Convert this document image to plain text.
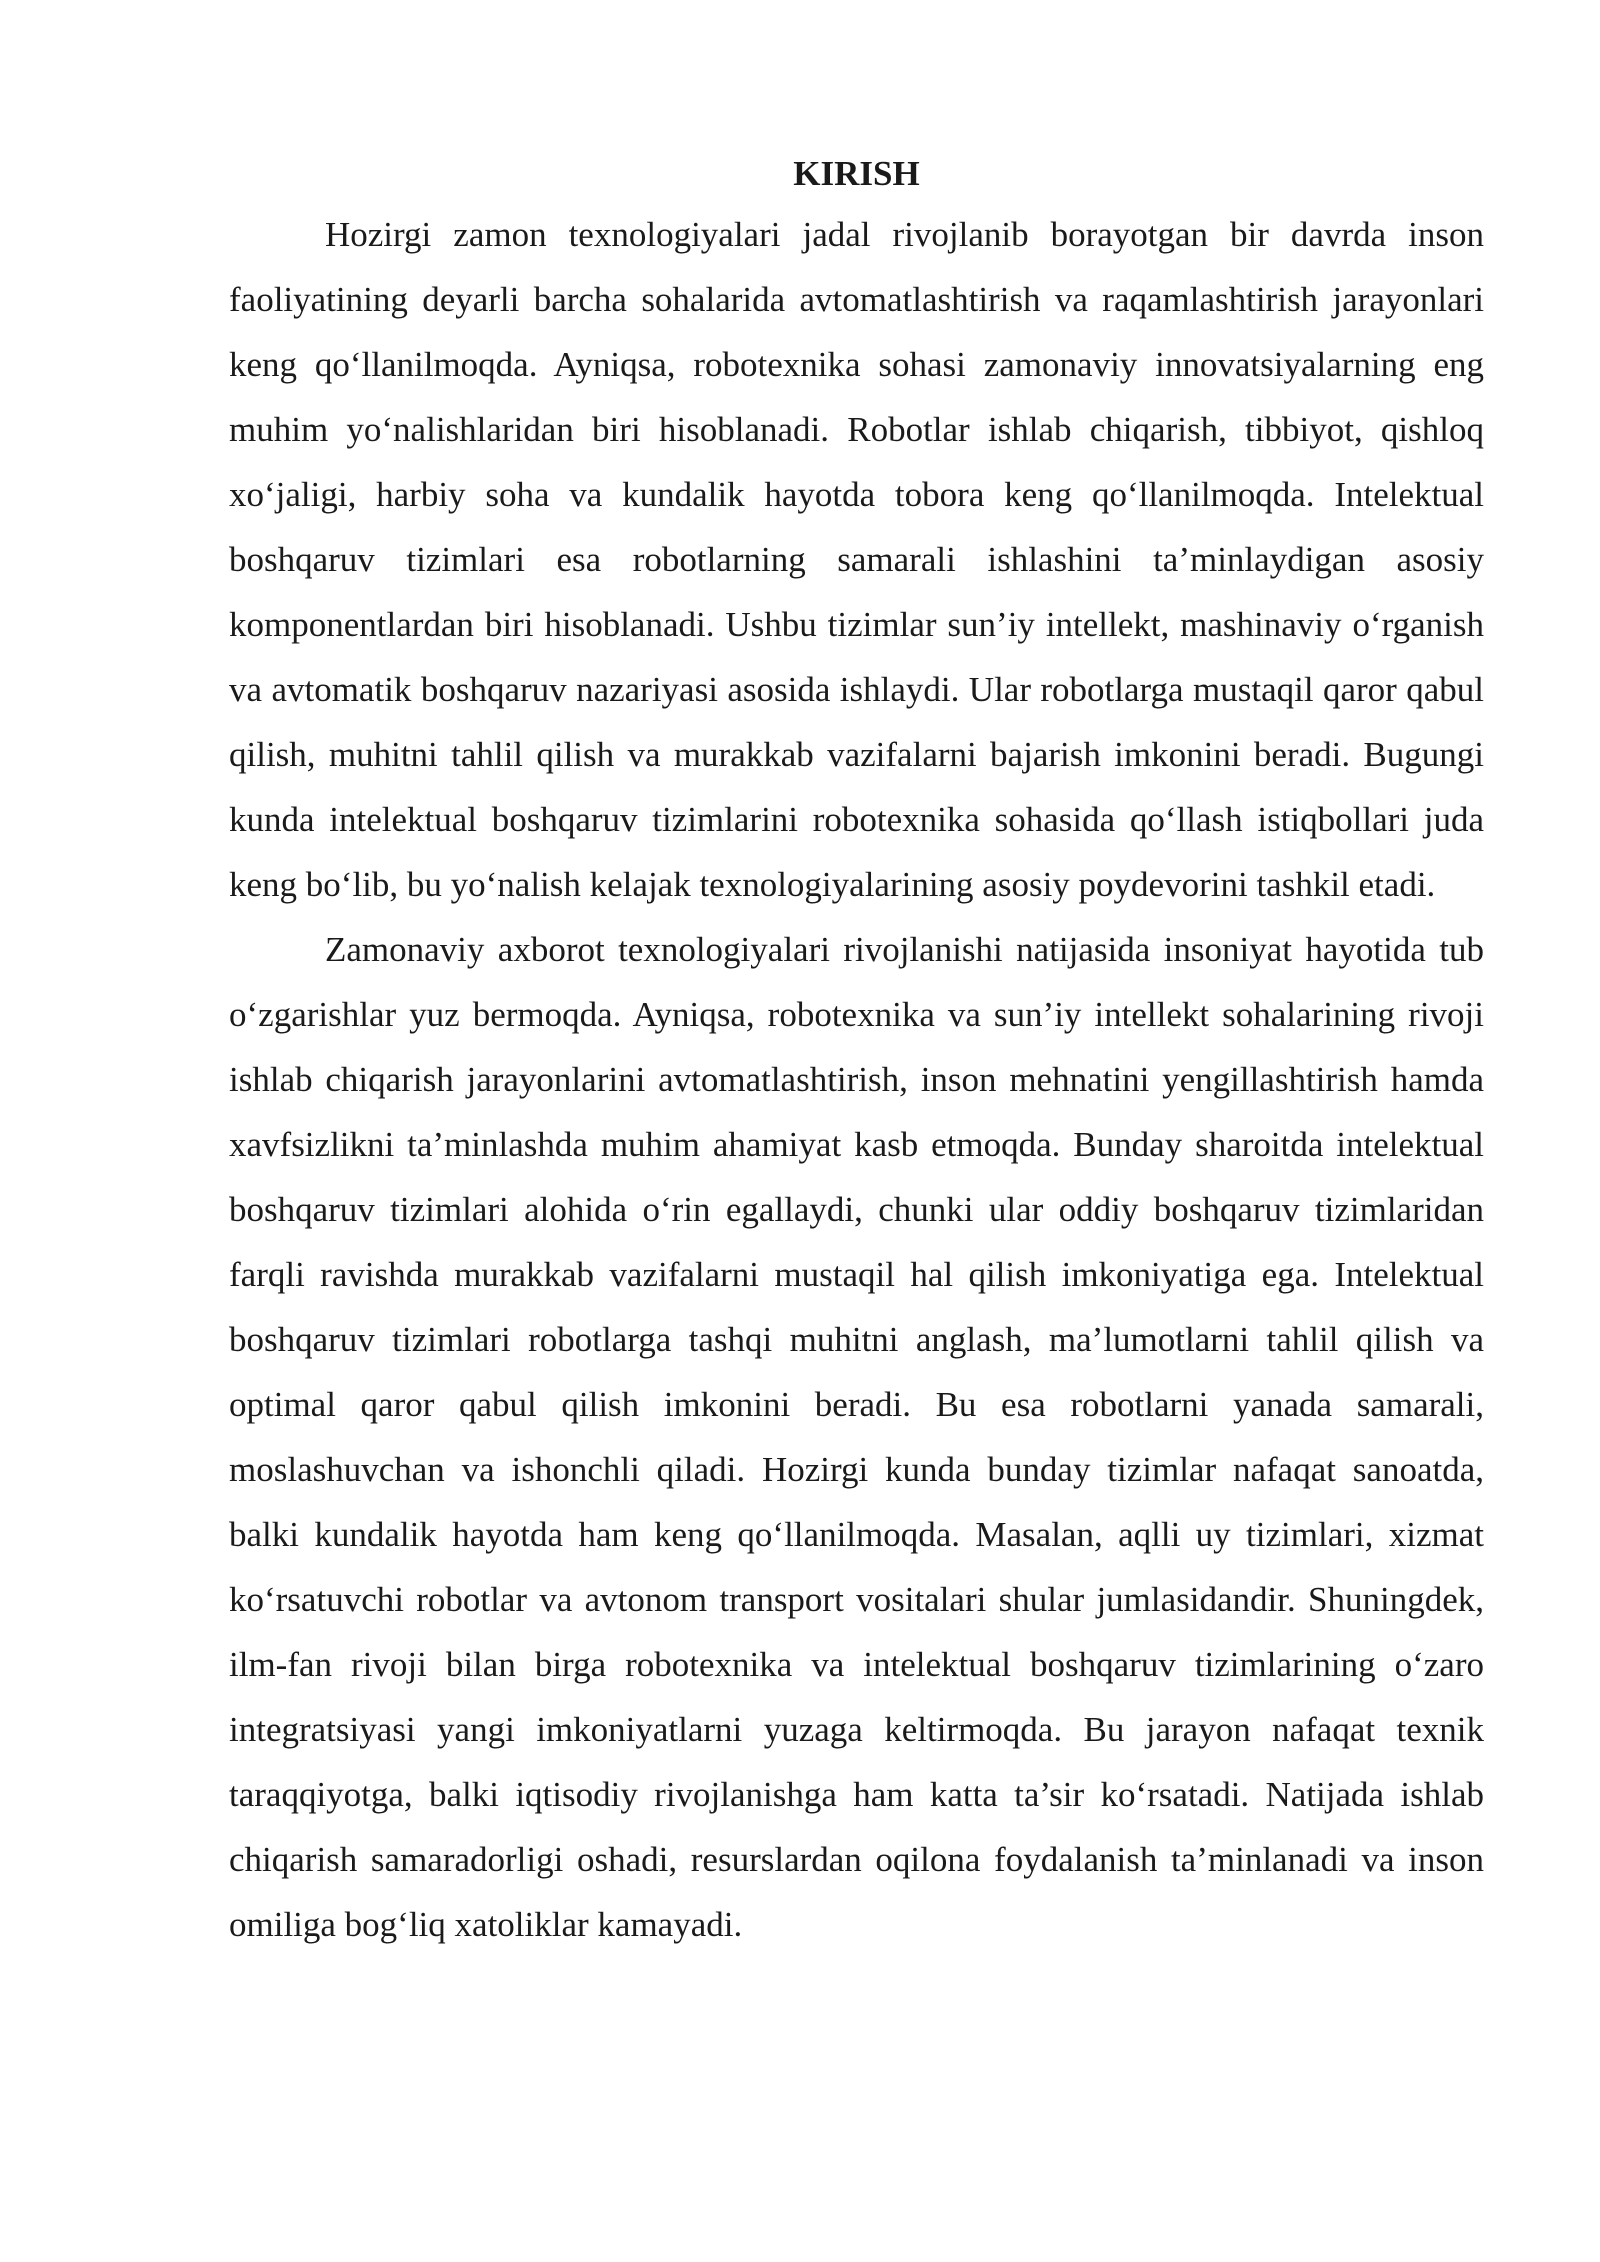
KIRISH

Hozirgi zamon texnologiyalari jadal rivojlanib borayotgan bir davrda inson faoliyatining deyarli barcha sohalarida avtomatlashtirish va raqamlashtirish jarayonlari keng qo‘llanilmoqda. Ayniqsa, robotexnika sohasi zamonaviy innovatsiyalarning eng muhim yo‘nalishlaridan biri hisoblanadi. Robotlar ishlab chiqarish, tibbiyot, qishloq xo‘jaligi, harbiy soha va kundalik hayotda tobora keng qo‘llanilmoqda. Intelektual boshqaruv tizimlari esa robotlarning samarali ishlashini ta’minlaydigan asosiy komponentlardan biri hisoblanadi. Ushbu tizimlar sun’iy intellekt, mashinaviy o‘rganish va avtomatik boshqaruv nazariyasi asosida ishlaydi. Ular robotlarga mustaqil qaror qabul qilish, muhitni tahlil qilish va murakkab vazifalarni bajarish imkonini beradi. Bugungi kunda intelektual boshqaruv tizimlarini robotexnika sohasida qo‘llash istiqbollari juda keng bo‘lib, bu yo‘nalish kelajak texnologiyalarining asosiy poydevorini tashkil etadi.

Zamonaviy axborot texnologiyalari rivojlanishi natijasida insoniyat hayotida tub o‘zgarishlar yuz bermoqda. Ayniqsa, robotexnika va sun’iy intellekt sohalarining rivoji ishlab chiqarish jarayonlarini avtomatlashtirish, inson mehnatini yengillashtirish hamda xavfsizlikni ta’minlashda muhim ahamiyat kasb etmoqda. Bunday sharoitda intelektual boshqaruv tizimlari alohida o‘rin egallaydi, chunki ular oddiy boshqaruv tizimlaridan farqli ravishda murakkab vazifalarni mustaqil hal qilish imkoniyatiga ega. Intelektual boshqaruv tizimlari robotlarga tashqi muhitni anglash, ma’lumotlarni tahlil qilish va optimal qaror qabul qilish imkonini beradi. Bu esa robotlarni yanada samarali, moslashuvchan va ishonchli qiladi. Hozirgi kunda bunday tizimlar nafaqat sanoatda, balki kundalik hayotda ham keng qo‘llanilmoqda. Masalan, aqlli uy tizimlari, xizmat ko‘rsatuvchi robotlar va avtonom transport vositalari shular jumlasidandir. Shuningdek, ilm-fan rivoji bilan birga robotexnika va intelektual boshqaruv tizimlarining o‘zaro integratsiyasi yangi imkoniyatlarni yuzaga keltirmoqda. Bu jarayon nafaqat texnik taraqqiyotga, balki iqtisodiy rivojlanishga ham katta ta’sir ko‘rsatadi. Natijada ishlab chiqarish samaradorligi oshadi, resurslardan oqilona foydalanish ta’minlanadi va inson omiliga bog‘liq xatoliklar kamayadi.
